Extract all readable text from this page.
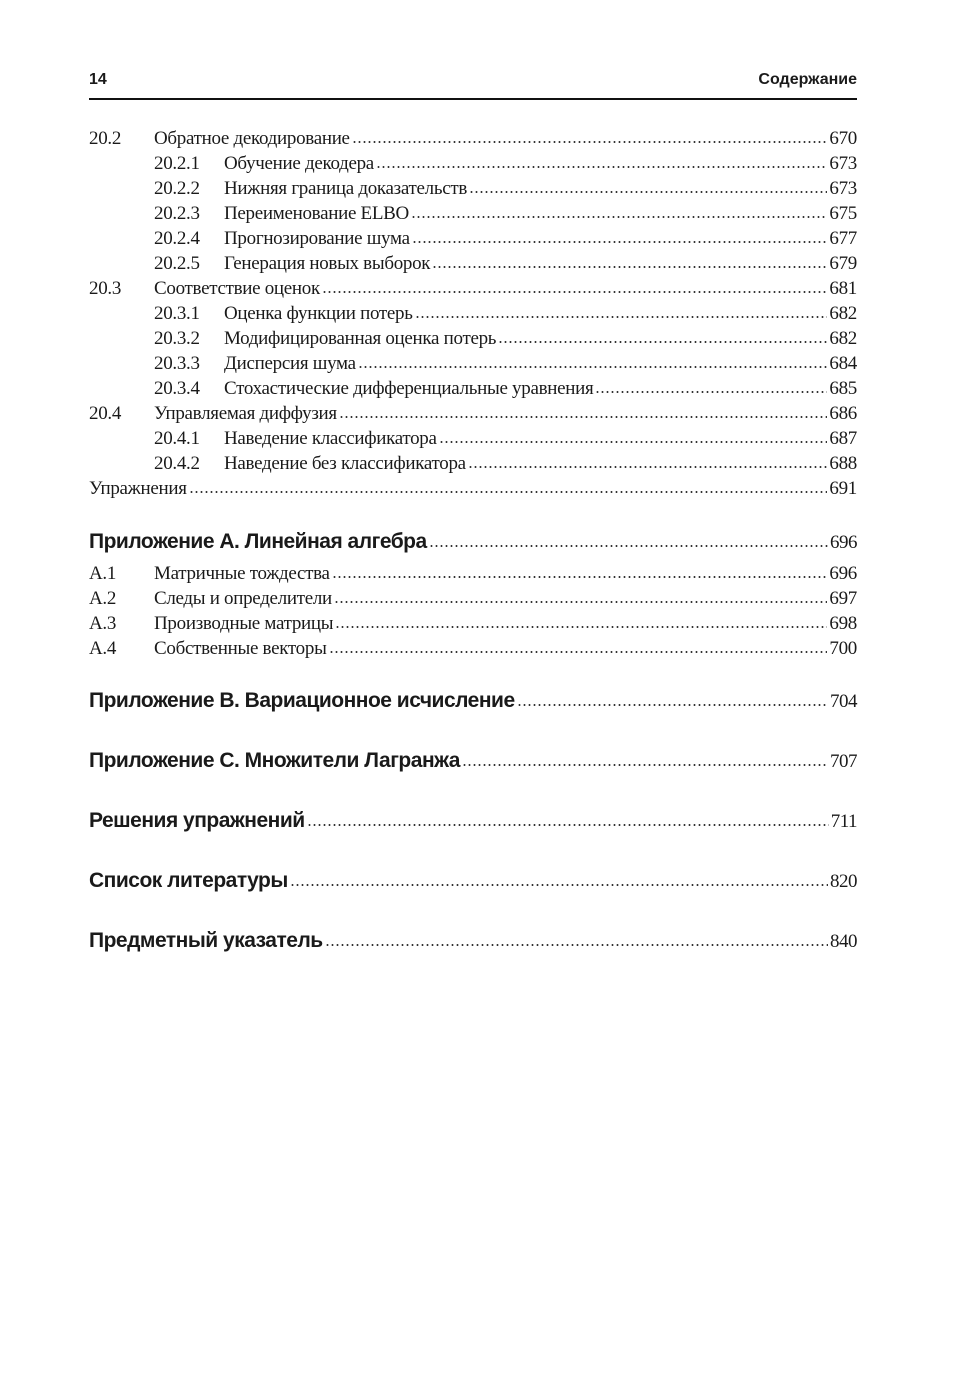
14	Содержание
20.2	Обратное декодирование	670
20.2.1	Обучение декодера	673
20.2.2	Нижняя граница доказательств	673
20.2.3	Переименование ELBO	675
20.2.4	Прогнозирование шума	677
20.2.5	Генерация новых выборок	679
20.3	Соответствие оценок	681
20.3.1	Оценка функции потерь	682
20.3.2	Модифицированная оценка потерь	682
20.3.3	Дисперсия шума	684
20.3.4	Стохастические дифференциальные уравнения	685
20.4	Управляемая диффузия	686
20.4.1	Наведение классификатора	687
20.4.2	Наведение без классификатора	688
Упражнения	691
Приложение A. Линейная алгебра	696
A.1	Матричные тождества	696
A.2	Следы и определители	697
A.3	Производные матрицы	698
A.4	Собственные векторы	700
Приложение B. Вариационное исчисление	704
Приложение C. Множители Лагранжа	707
Решения упражнений	711
Список литературы	820
Предметный указатель	840
